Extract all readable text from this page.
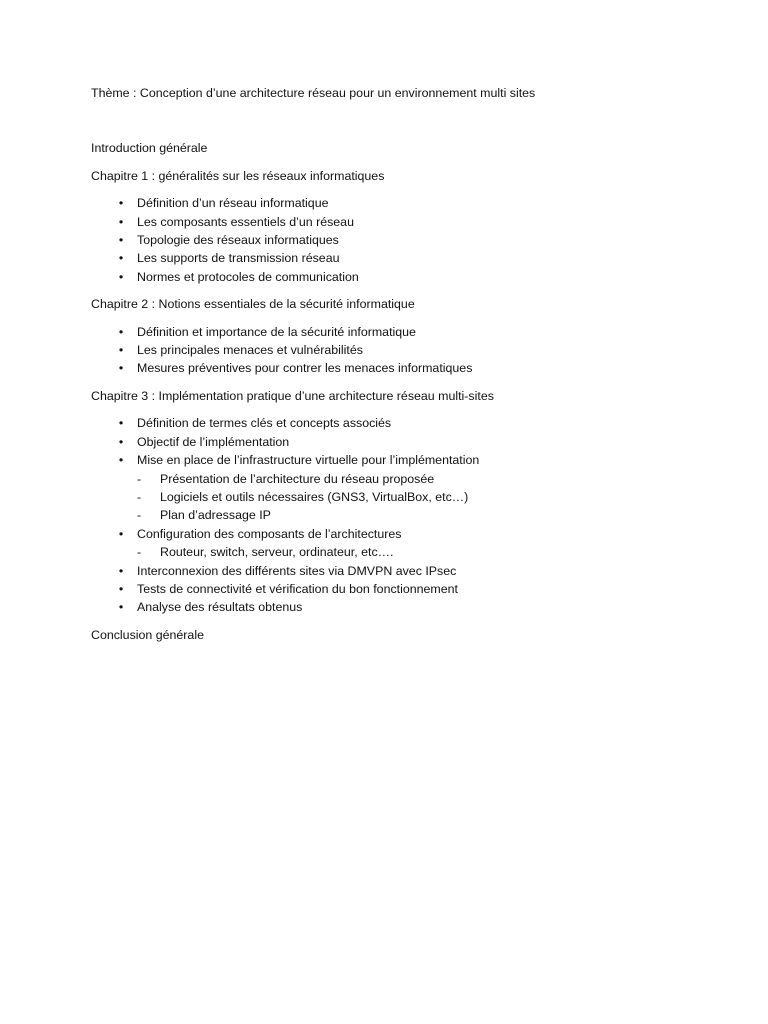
Thème : Conception d’une architecture réseau pour un environnement multi sites

Introduction générale

Chapitre 1 : généralités sur les réseaux informatiques

• Définition d’un réseau informatique
• Les composants essentiels d’un réseau
• Topologie des réseaux informatiques
• Les supports de transmission réseau
• Normes et protocoles de communication

Chapitre 2 : Notions essentiales de la sécurité informatique

• Définition et importance de la sécurité informatique
• Les principales menaces et vulnérabilités
• Mesures préventives pour contrer les menaces informatiques

Chapitre 3 : Implémentation pratique d’une architecture réseau multi-sites

• Définition de termes clés et concepts associés
• Objectif de l’implémentation
• Mise en place de l’infrastructure virtuelle pour l’implémentation
- Présentation de l’architecture du réseau proposée
- Logiciels et outils nécessaires (GNS3, VirtualBox, etc…)
- Plan d’adressage IP
• Configuration des composants de l’architectures
- Routeur, switch, serveur, ordinateur, etc….
• Interconnexion des différents sites via DMVPN avec IPsec
• Tests de connectivité et vérification du bon fonctionnement
• Analyse des résultats obtenus

Conclusion générale
